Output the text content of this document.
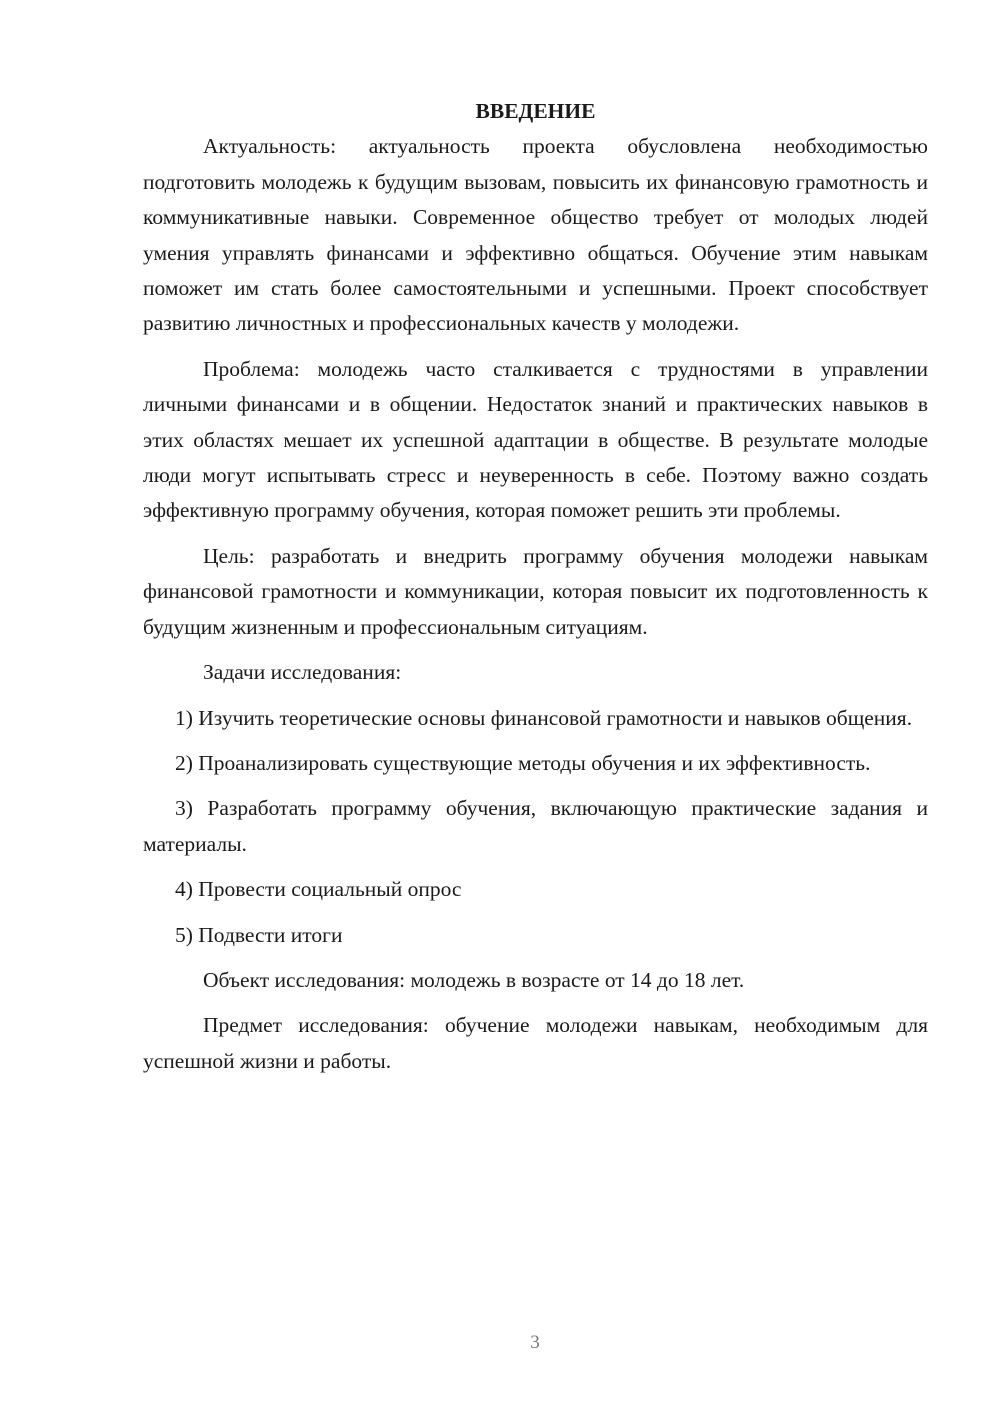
ВВЕДЕНИЕ

Актуальность: актуальность проекта обусловлена необходимостью подготовить молодежь к будущим вызовам, повысить их финансовую грамотность и коммуникативные навыки. Современное общество требует от молодых людей умения управлять финансами и эффективно общаться. Обучение этим навыкам поможет им стать более самостоятельными и успешными. Проект способствует развитию личностных и профессиональных качеств у молодежи.

Проблема: молодежь часто сталкивается с трудностями в управлении личными финансами и в общении. Недостаток знаний и практических навыков в этих областях мешает их успешной адаптации в обществе. В результате молодые люди могут испытывать стресс и неуверенность в себе. Поэтому важно создать эффективную программу обучения, которая поможет решить эти проблемы.

Цель: разработать и внедрить программу обучения молодежи навыкам финансовой грамотности и коммуникации, которая повысит их подготовленность к будущим жизненным и профессиональным ситуациям.

Задачи исследования:

1) Изучить теоретические основы финансовой грамотности и навыков общения.

2) Проанализировать существующие методы обучения и их эффективность.

3) Разработать программу обучения, включающую практические задания и материалы.

4) Провести социальный опрос

5) Подвести итоги

Объект исследования: молодежь в возрасте от 14 до 18 лет.

Предмет исследования: обучение молодежи навыкам, необходимым для успешной жизни и работы.

3
